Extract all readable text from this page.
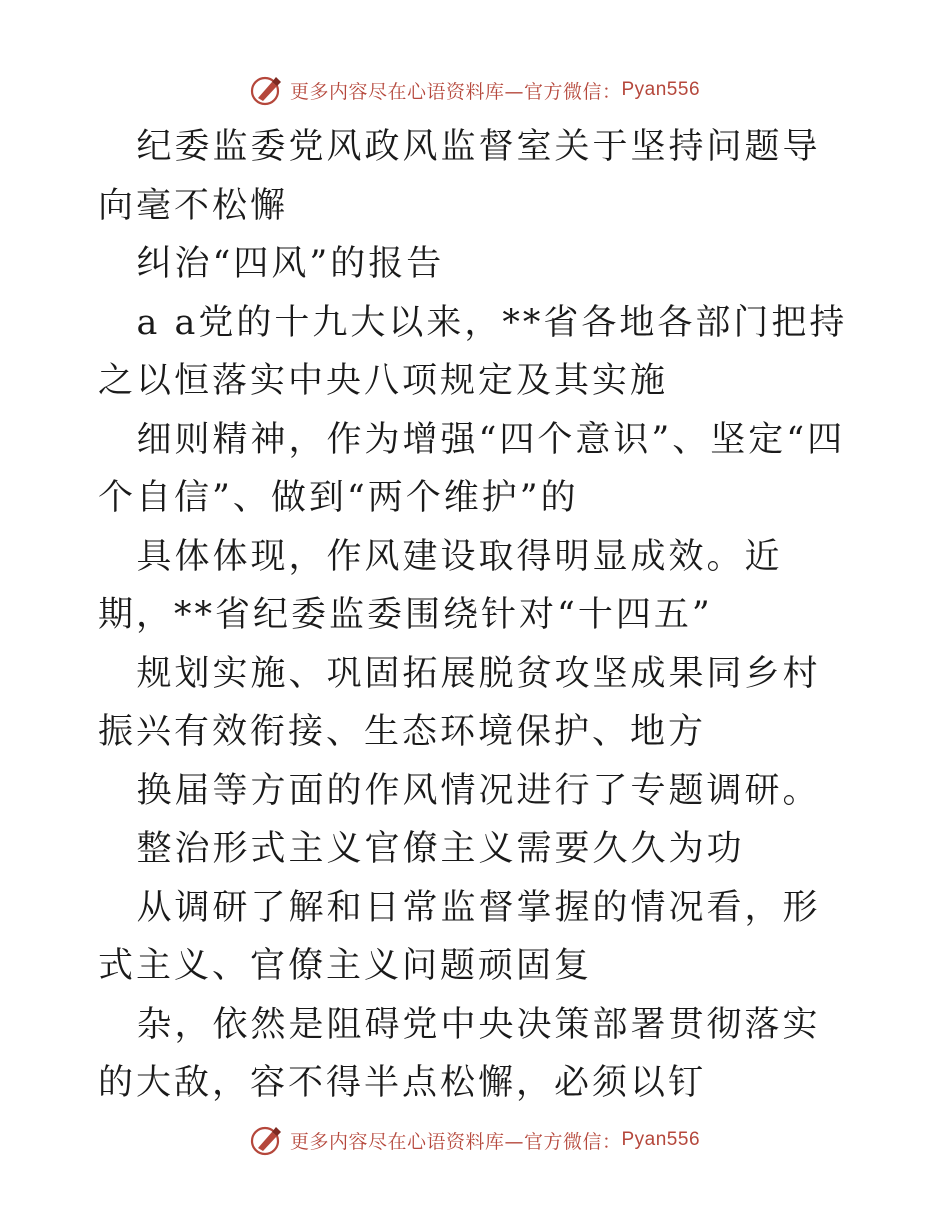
更多内容尽在心语资料库—官方微信： Pyan556

纪委监委党风政风监督室关于坚持问题导向毫不松懈

纠治“四风”的报告

a a党的十九大以来，**省各地各部门把持之以恒落实中央八项规定及其实施

细则精神，作为增强“四个意识”、坚定“四个自信”、做到“两个维护”的

具体体现，作风建设取得明显成效。近期，**省纪委监委围绕针对“十四五”

规划实施、巩固拓展脱贫攻坚成果同乡村振兴有效衔接、生态环境保护、地方

换届等方面的作风情况进行了专题调研。

整治形式主义官僚主义需要久久为功

从调研了解和日常监督掌握的情况看，形式主义、官僚主义问题顽固复

杂，依然是阻碍党中央决策部署贯彻落实的大敌，容不得半点松懈，必须以钉

更多内容尽在心语资料库—官方微信： Pyan556
